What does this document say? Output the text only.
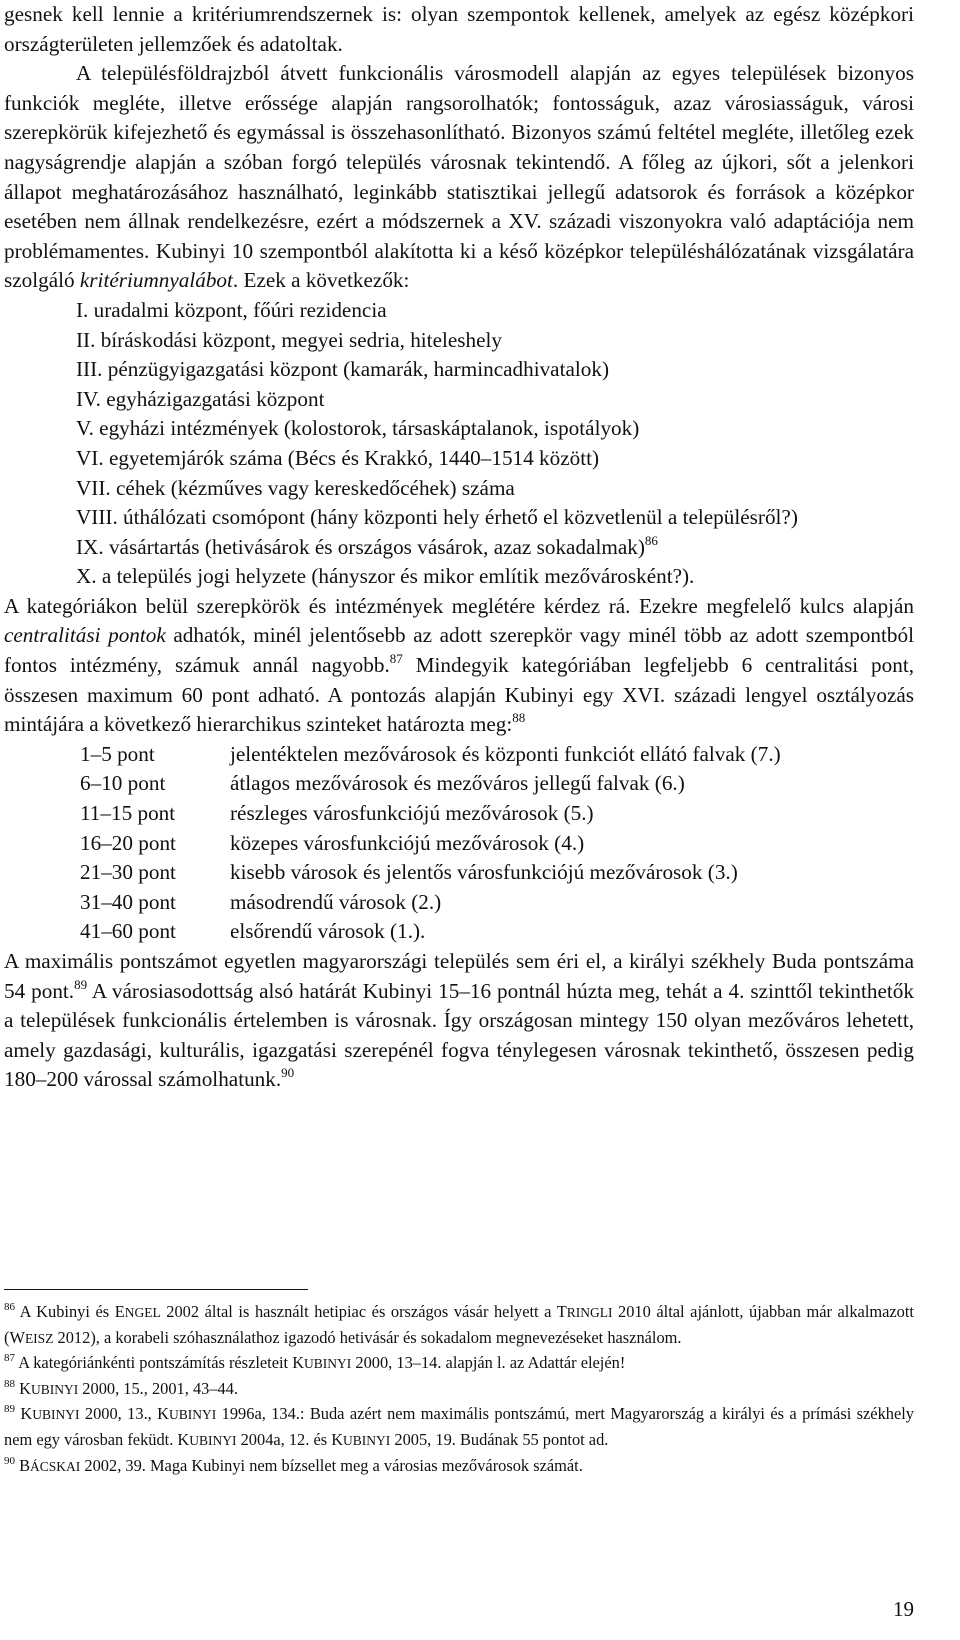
gesnek kell lennie a kritériumrendszernek is: olyan szempontok kellenek, amelyek az egész középkori országterületen jellemzőek és adatoltak.

A településföldrajzból átvett funkcionális városmodell alapján az egyes települések bizonyos funkciók megléte, illetve erőssége alapján rangsorolhatók; fontosságuk, azaz városiasságuk, városi szerepkörük kifejezhető és egymással is összehasonlítható. Bizonyos számú feltétel megléte, illetőleg ezek nagyságrendje alapján a szóban forgó település városnak tekintendő. A főleg az újkori, sőt a jelenkori állapot meghatározásához használható, leginkább statisztikai jellegű adatsorok és források a középkor esetében nem állnak rendelkezésre, ezért a módszernek a XV. századi viszonyokra való adaptációja nem problémamentes. Kubinyi 10 szempontból alakította ki a késő középkor településhálózatának vizsgálatára szolgáló kritériumnyalábot. Ezek a következők:

I. uradalmi központ, főúri rezidencia

II. bíráskodási központ, megyei sedria, hiteleshely

III. pénzügyigazgatási központ (kamarák, harmincadhivatalok)

IV. egyházigazgatási központ

V. egyházi intézmények (kolostorok, társaskáptalanok, ispotályok)

VI. egyetemjárók száma (Bécs és Krakkó, 1440–1514 között)

VII. céhek (kézműves vagy kereskedőcéhek) száma

VIII. úthálózati csomópont (hány központi hely érhető el közvetlenül a településről?)

IX. vásártartás (hetivásárok és országos vásárok, azaz sokadalmak)$^{86}$

X. a település jogi helyzete (hányszor és mikor említik mezővárosként?).

A kategóriákon belül szerepkörök és intézmények meglétére kérdez rá. Ezekre megfelelő kulcs alapján centralitási pontok adhatók, minél jelentősebb az adott szerepkör vagy minél több az adott szempontból fontos intézmény, számuk annál nagyobb.$^{87}$ Mindegyik kategóriában legfeljebb 6 centralitási pont, összesen maximum 60 pont adható. A pontozás alapján Kubinyi egy XVI. századi lengyel osztályozás mintájára a következő hierarchikus szinteket határozta meg:$^{88}$

1–5 pont	jelentéktelen mezővárosok és központi funkciót ellátó falvak (7.)
6–10 pont	átlagos mezővárosok és mezőváros jellegű falvak (6.)
11–15 pont	részleges városfunkciójú mezővárosok (5.)
16–20 pont	közepes városfunkciójú mezővárosok (4.)
21–30 pont	kisebb városok és jelentős városfunkciójú mezővárosok (3.)
31–40 pont	másodrendű városok (2.)
41–60 pont	elsőrendű városok (1.).

A maximális pontszámot egyetlen magyarországi település sem éri el, a királyi székhely Buda pontszáma 54 pont.$^{89}$ A városiasodottság alsó határát Kubinyi 15–16 pontnál húzta meg, tehát a 4. szinttől tekinthetők a települések funkcionális értelemben is városnak. Így országosan mintegy 150 olyan mezőváros lehetett, amely gazdasági, kulturális, igazgatási szerepénél fogva ténylegesen városnak tekinthető, összesen pedig 180–200 várossal számolhatunk.$^{90}$

$^{86}$ A Kubinyi és ENGEL 2002 által is használt hetipiac és országos vásár helyett a TRINGLI 2010 által ajánlott, újabban már alkalmazott (WEISZ 2012), a korabeli szóhasználathoz igazodó hetivásár és sokadalom megnevezéseket használom.

$^{87}$ A kategóriánkénti pontszámítás részleteit KUBINYI 2000, 13–14. alapján l. az Adattár elején!

$^{88}$ KUBINYI 2000, 15., 2001, 43–44.

$^{89}$ KUBINYI 2000, 13., KUBINYI 1996a, 134.: Buda azért nem maximális pontszámú, mert Magyarország a királyi és a prímási székhely nem egy városban feküdt. KUBINYI 2004a, 12. és KUBINYI 2005, 19. Budának 55 pontot ad.

$^{90}$ BÁCSKAI 2002, 39. Maga Kubinyi nem bízsellet meg a városias mezővárosok számát.

19
